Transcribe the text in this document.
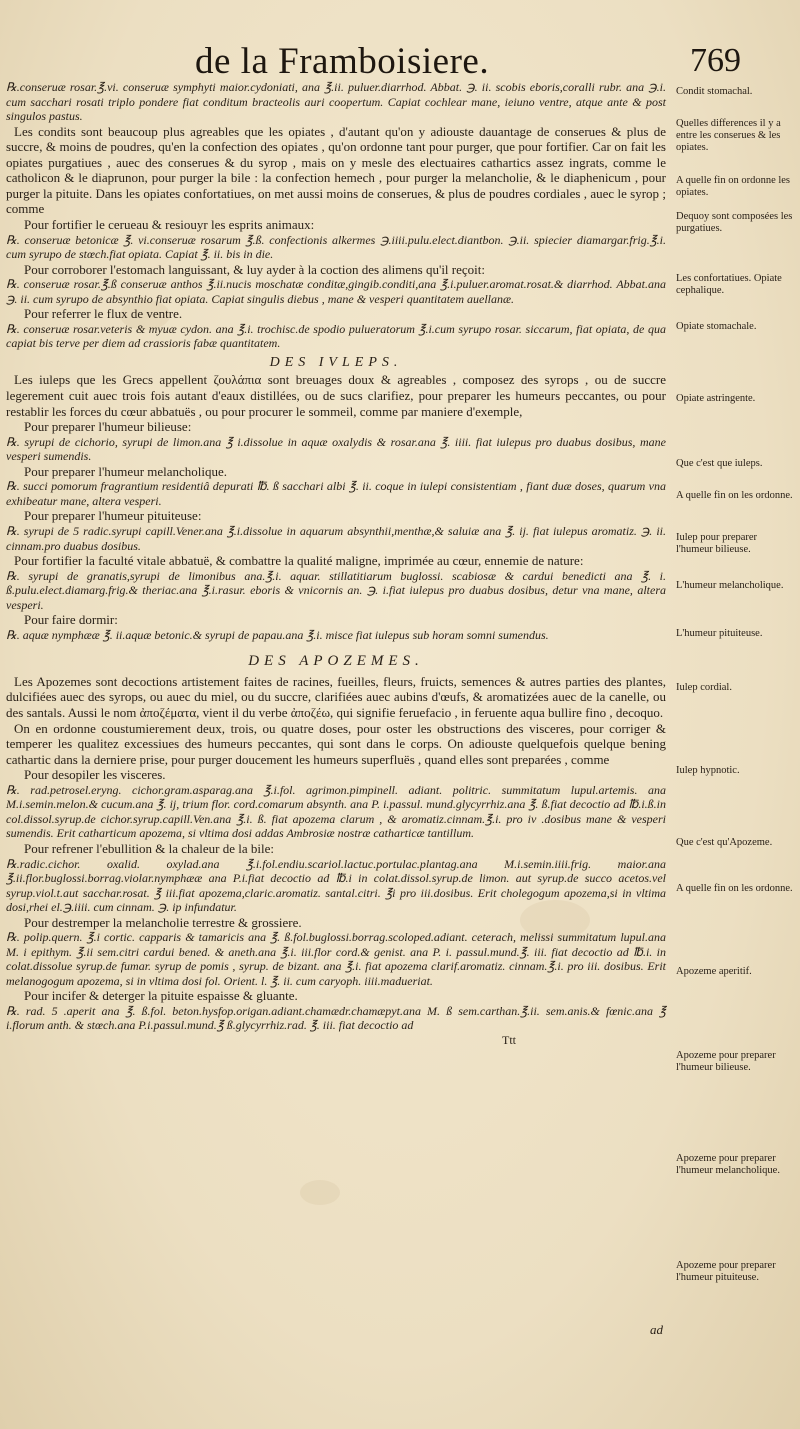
de la Framboisiere.	769

℞.conseruæ rosar.℥.vi. conseruæ symphyti maior.cydoniati, ana ℥.ii. puluer.diarrhod. Abbat. ℈. ii. scobis eboris,coralli rubr. ana ℈.i. cum sacchari rosati triplo pondere fiat conditum bracteolis auri coopertum. Capiat cochlear mane, ieiuno ventre, atque ante & post singulos pastus.

Les condits sont beaucoup plus agreables que les opiates , d'autant qu'on y adiouste dauantage de conserues & plus de succre, & moins de poudres, qu'en la confection des opiates , qu'on ordonne tant pour purger, que pour fortifier. Car on fait les opiates purgatiues , auec des conserues & du syrop , mais on y mesle des electuaires cathartics assez ingrats, comme le catholicon & le diaprunon, pour purger la bile : la confection hemech , pour purger la melancholie, & le diaphenicum , pour purger la pituite. Dans les opiates confortatiues, on met aussi moins de conserues, & plus de poudres cordiales , auec le syrop ; comme

Pour fortifier le cerueau & resiouyr les esprits animaux:

℞. conseruæ betonicæ ℥. vi.conseruæ rosarum ℥.ß. confectionis alkermes ℈.iiii.pulu.elect.diantbon. ℈.ii. spiecier diamargar.frig.℥.i. cum syrupo de stœch.fiat opiata. Capiat ℥. ii. bis in die.

Pour corroborer l'estomach languissant, & luy ayder à la coction des alimens qu'il reçoit:

℞. conseruæ rosar.℥.ß conseruæ anthos ℥.ii.nucis moschatæ conditæ,gingib.conditi,ana ℥.i.puluer.aromat.rosat.& diarrhod. Abbat.ana ℈. ii. cum syrupo de absynthio fiat opiata. Capiat singulis diebus , mane & vesperi quantitatem auellanæ.

Pour referrer le flux de ventre.

℞. conseruæ rosar.veteris & myuæ cydon. ana ℥.i. trochisc.de spodio pulueratorum ℥.i.cum syrupo rosar. siccarum, fiat opiata, de qua capiat bis terve per diem ad crassioris fabæ quantitatem.

DES IVLEPS.

Les iuleps que les Grecs appellent ζουλάπια sont breuages doux & agreables , composez des syrops , ou de succre legerement cuit auec trois fois autant d'eaux distillées, ou de sucs clarifiez, pour preparer les humeurs peccantes, ou pour restablir les forces du cœur abbatuës , ou pour procurer le sommeil, comme par maniere d'exemple,

Pour preparer l'humeur bilieuse:

℞. syrupi de cichorio, syrupi de limon.ana ℥ i.dissolue in aquæ oxalydis & rosar.ana ℥. iiii. fiat iulepus pro duabus dosibus, mane vesperi sumendis.

Pour preparer l'humeur melancholique.

℞. succi pomorum fragrantium residentiâ depurati ℔. ß sacchari albi ℥. ii. coque in iulepi consistentiam , fiant duæ doses, quarum vna exhibeatur mane, altera vesperi.

Pour preparer l'humeur pituiteuse:

℞. syrupi de 5 radic.syrupi capill.Vener.ana ℥.i.dissolue in aquarum absynthii,menthæ,& saluiæ ana ℥. ij. fiat iulepus aromatiz. ℈. ii. cinnam.pro duabus dosibus.

Pour fortifier la faculté vitale abbatuë, & combattre la qualité maligne, imprimée au cœur, ennemie de nature:

℞. syrupi de granatis,syrupi de limonibus ana.℥.i. aquar. stillatitiarum buglossi. scabiosæ & cardui benedicti ana ℥. i. ß.pulu.elect.diamarg.frig.& theriac.ana ℥.i.rasur. eboris & vnicornis an. ℈. i.fiat iulepus pro duabus dosibus, detur vna mane, altera vesperi.

Pour faire dormir:

℞. aquæ nymphææ ℥. ii.aquæ betonic.& syrupi de papau.ana ℥.i. misce fiat iulepus sub horam somni sumendus.

DES APOZEMES.

Les Apozemes sont decoctions artistement faites de racines, fueilles, fleurs, fruicts, semences & autres parties des plantes, dulcifiées auec des syrops, ou auec du miel, ou du succre, clarifiées auec aubins d'œufs, & aromatizées auec de la canelle, ou des santals. Aussi le nom ἀποζέματα, vient il du verbe ἀποζέω, qui signifie feruefacio , in feruente aqua bullire fino , decoquo.

On en ordonne coustumierement deux, trois, ou quatre doses, pour oster les obstructions des visceres, pour corriger & temperer les qualitez excessiues des humeurs peccantes, qui sont dans le corps. On adiouste quelquefois quelque bening cathartic dans la derniere prise, pour purger doucement les humeurs superfluës , quand elles sont preparées , comme

Pour desopiler les visceres.

℞. rad.petrosel.eryng. cichor.gram.asparag.ana ℥.i.fol. agrimon.pimpinell. adiant. politric. summitatum lupul.artemis. ana M.i.semin.melon.& cucum.ana ℥. ij, trium flor. cord.comarum absynth. ana P. i.passul. mund.glycyrrhiz.ana ℥. ß.fiat decoctio ad ℔.i.ß.in col.dissol.syrup.de cichor.syrup.capill.Ven.ana ℥.i. ß. fiat apozema clarum , & aromatiz.cinnam.℥.i. pro iv .dosibus mane & vesperi sumendis. Erit catharticum apozema, si vltima dosi addas Ambrosiæ nostræ catharticæ tantillum.

Pour refrener l'ebullition & la chaleur de la bile:

℞.radic.cichor. oxalid. oxylad.ana ℥.i.fol.endiu.scariol.lactuc.portulac.plantag.ana M.i.semin.iiii.frig. maior.ana ℥.ii.flor.buglossi.borrag.violar.nymphææ ana P.i.fiat decoctio ad ℔.i in colat.dissol.syrup.de limon. aut syrup.de succo acetos.vel syrup.viol.t.aut sacchar.rosat. ℥ iii.fiat apozema,claric.aromatiz. santal.citri. ℥i pro iii.dosibus. Erit cholegogum apozema,si in vltima dosi,rhei el.℈.iiii. cum cinnam. ℈. ip infundatur.

Pour destremper la melancholie terrestre & grossiere.

℞. polip.quern. ℥.i cortic. capparis & tamaricis ana ℥. ß.fol.buglossi.borrag.scoloped.adiant. ceterach, melissi summitatum lupul.ana M. i epithym. ℥.ii sem.citri cardui bened. & aneth.ana ℥.i. iii.flor cord.& genist. ana P. i. passul.mund.℥. iii. fiat decoctio ad ℔.i. in colat.dissolue syrup.de fumar. syrup de pomis , syrup. de bizant. ana ℥.i. fiat apozema clarif.aromatiz. cinnam.℥.i. pro iii. dosibus. Erit melanogogum apozema, si in vltima dosi fol. Orient. l. ℥. ii. cum caryoph. iiii.madueriat.

Pour incifer & deterger la pituite espaisse & gluante.

℞. rad. 5 .aperit ana ℥. ß.fol. beton.hysfop.origan.adiant.chamædr.chamæpyt.ana M. ß sem.carthan.℥.ii. sem.anis.& fœnic.ana ℥ i.florum anth. & stœch.ana P.i.passul.mund.℥ ß.glycyrrhiz.rad. ℥. iii. fiat decoctio ad

Ttt

Condit stomachal.
Quelles differences il y a entre les conserues & les opiates.
A quelle fin on ordonne les opiates.
Dequoy sont composées les purgatiues.
Les confortatiues. Opiate cephalique.
Opiate stomachale.
Opiate astringente.
Que c'est que iuleps.
A quelle fin on les ordonne.
Iulep pour preparer l'humeur bilieuse.
L'humeur melancholique.
L'humeur pituiteuse.
Iulep cordial.
Iulep hypnotic.
Que c'est qu'Apozeme.
A quelle fin on les ordonne.
Apozeme aperitif.
Apozeme pour preparer l'humeur bilieuse.
Apozeme pour preparer l'humeur melancholique.
Apozeme pour preparer l'humeur pituiteuse.
ad
